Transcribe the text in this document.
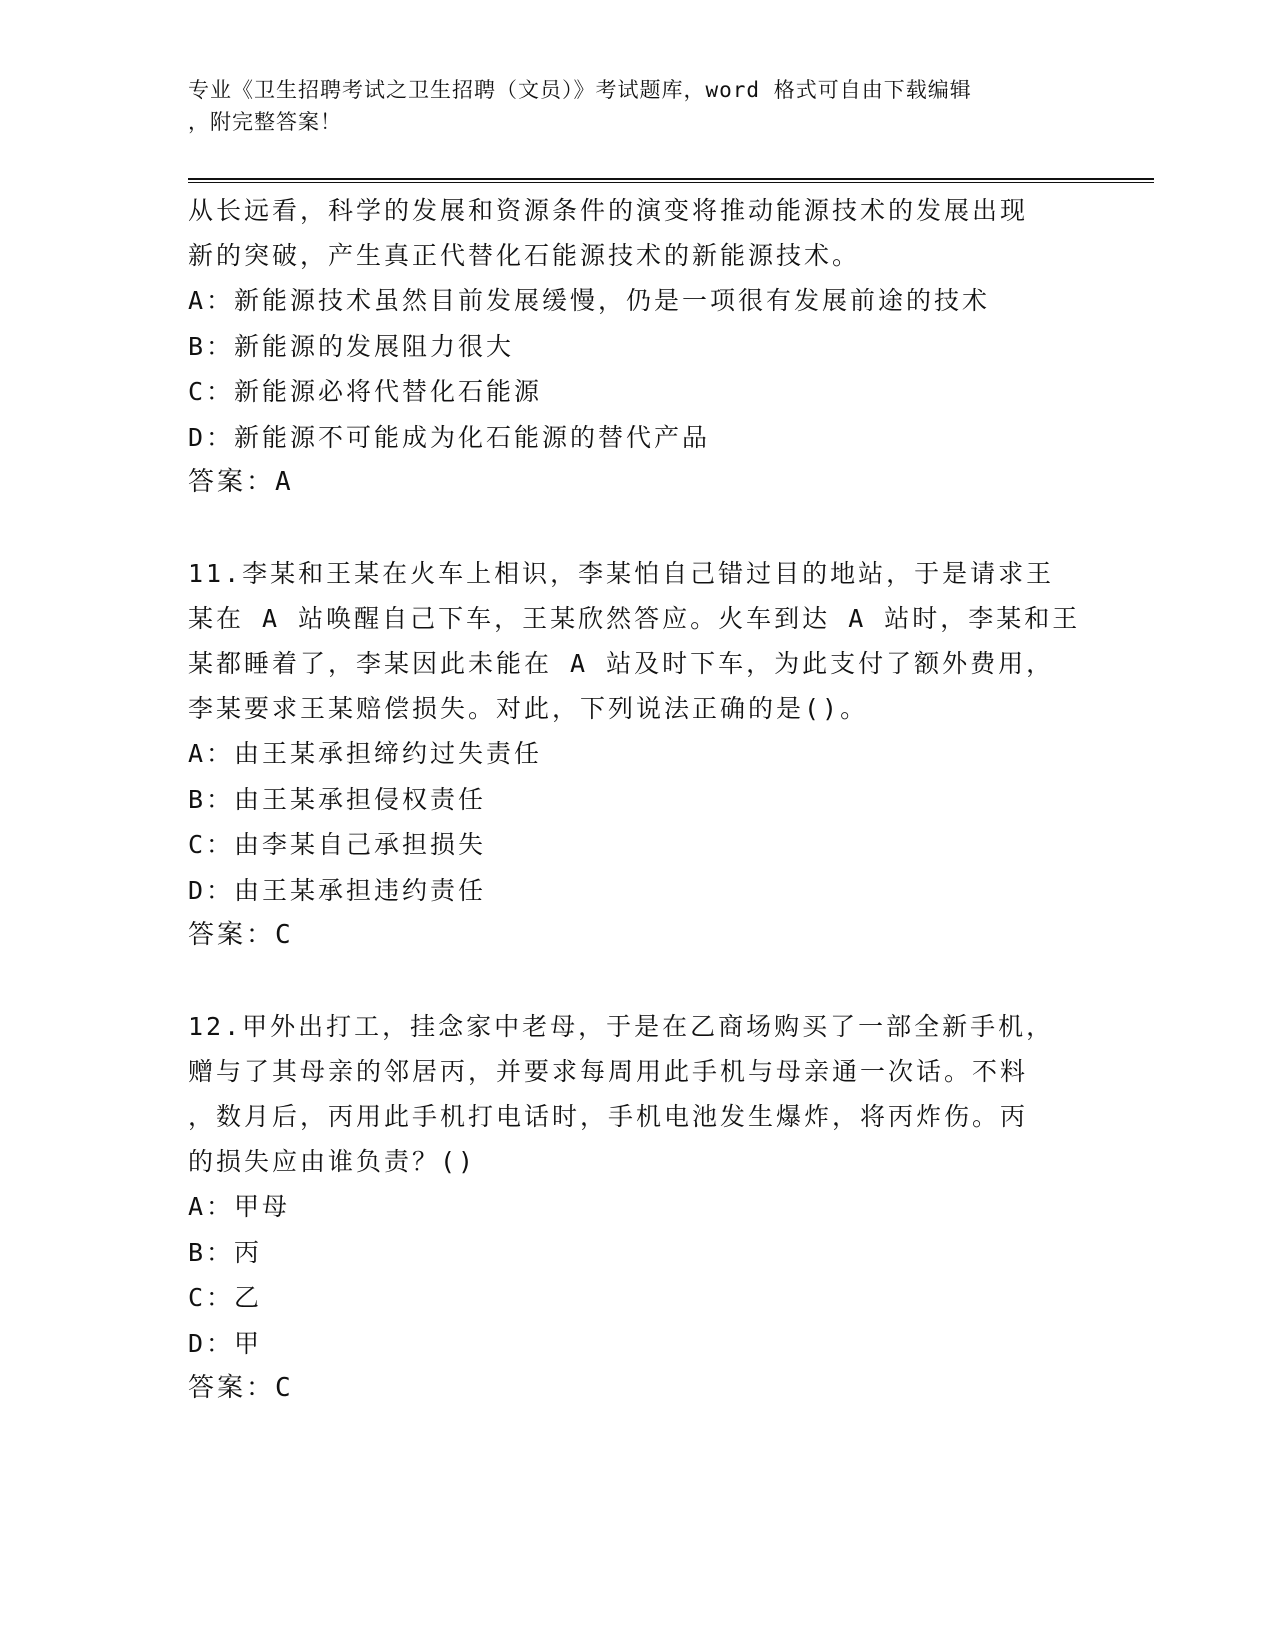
专业《卫生招聘考试之卫生招聘（文员）》考试题库，word 格式可自由下载编辑
，附完整答案！

从长远看，科学的发展和资源条件的演变将推动能源技术的发展出现

新的突破，产生真正代替化石能源技术的新能源技术。

A：新能源技术虽然目前发展缓慢，仍是一项很有发展前途的技术

B：新能源的发展阻力很大

C：新能源必将代替化石能源

D：新能源不可能成为化石能源的替代产品

答案：A

11.李某和王某在火车上相识，李某怕自己错过目的地站，于是请求王

某在 A 站唤醒自己下车，王某欣然答应。火车到达 A 站时，李某和王

某都睡着了，李某因此未能在 A 站及时下车，为此支付了额外费用，

李某要求王某赔偿损失。对此，下列说法正确的是()。

A：由王某承担缔约过失责任

B：由王某承担侵权责任

C：由李某自己承担损失

D：由王某承担违约责任

答案：C

12.甲外出打工，挂念家中老母，于是在乙商场购买了一部全新手机，

赠与了其母亲的邻居丙，并要求每周用此手机与母亲通一次话。不料

，数月后，丙用此手机打电话时，手机电池发生爆炸，将丙炸伤。丙

的损失应由谁负责？()

A：甲母

B：丙

C：乙

D：甲

答案：C
